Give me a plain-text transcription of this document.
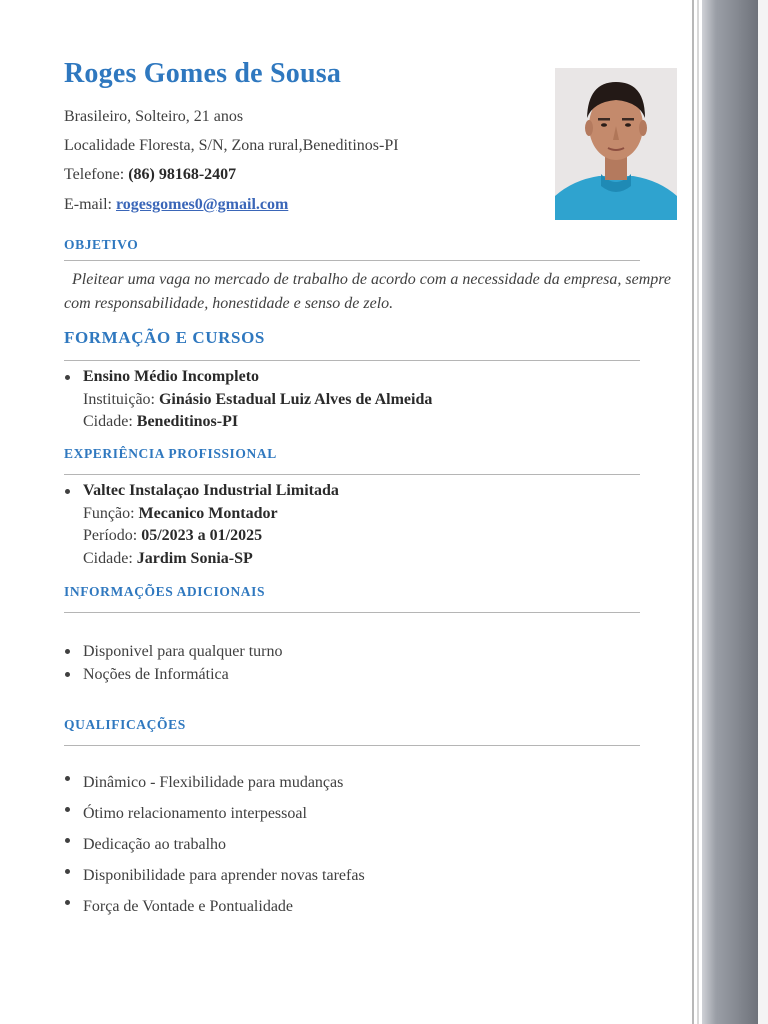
Roges Gomes de Sousa
Brasileiro, Solteiro, 21 anos
Localidade Floresta, S/N, Zona rural,Beneditinos-PI
Telefone: (86) 98168-2407
E-mail: rogesgomes0@gmail.com
OBJETIVO

Pleitear uma vaga no mercado de trabalho de acordo com a necessidade da empresa, sempre com responsabilidade, honestidade e senso de zelo.

FORMAÇÃO E CURSOS
Ensino Médio Incompleto
Instituição: Ginásio Estadual Luiz Alves de Almeida
Cidade: Beneditinos-PI
EXPERIÊNCIA PROFISSIONAL
Valtec Instalaçao Industrial Limitada
Função: Mecanico Montador
Período: 05/2023 a 01/2025
Cidade: Jardim Sonia-SP
INFORMAÇÕES ADICIONAIS
Disponivel para qualquer turno
Noções de Informática
QUALIFICAÇÕES
Dinâmico - Flexibilidade para mudanças
Ótimo relacionamento interpessoal
Dedicação ao trabalho
Disponibilidade para aprender novas tarefas
Força de Vontade e Pontualidade
